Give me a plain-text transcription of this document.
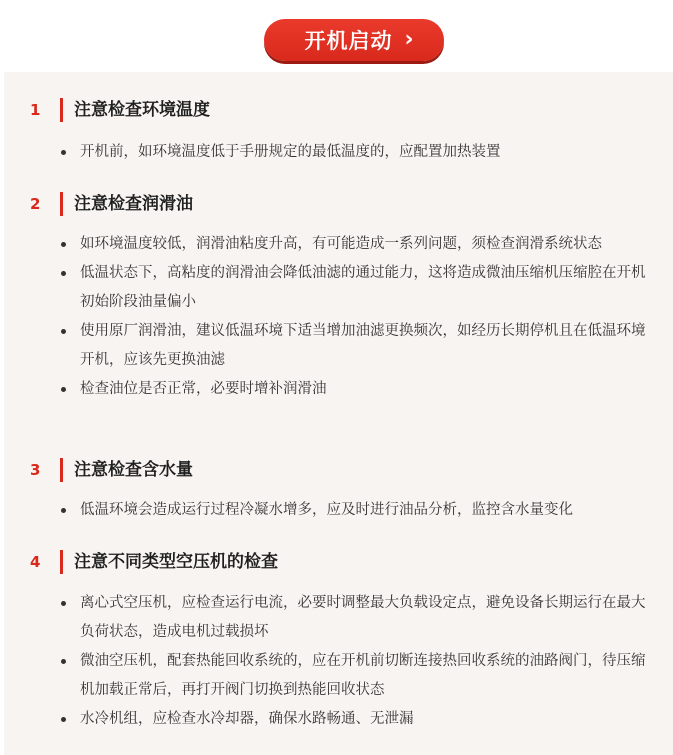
开机启动 ›
1 注意检查环境温度
开机前，如环境温度低于手册规定的最低温度的，应配置加热装置
2 注意检查润滑油
如环境温度较低，润滑油粘度升高，有可能造成一系列问题，须检查润滑系统状态
低温状态下，高粘度的润滑油会降低油滤的通过能力，这将造成微油压缩机压缩腔在开机初始阶段油量偏小
使用原厂润滑油，建议低温环境下适当增加油滤更换频次，如经历长期停机且在低温环境开机，应该先更换油滤
检查油位是否正常，必要时增补润滑油
3 注意检查含水量
低温环境会造成运行过程冷凝水增多，应及时进行油品分析，监控含水量变化
4 注意不同类型空压机的检查
离心式空压机，应检查运行电流，必要时调整最大负载设定点，避免设备长期运行在最大负荷状态，造成电机过载损坏
微油空压机，配套热能回收系统的，应在开机前切断连接热回收系统的油路阀门，待压缩机加载正常后，再打开阀门切换到热能回收状态
水冷机组，应检查水冷却器，确保水路畅通、无泄漏
